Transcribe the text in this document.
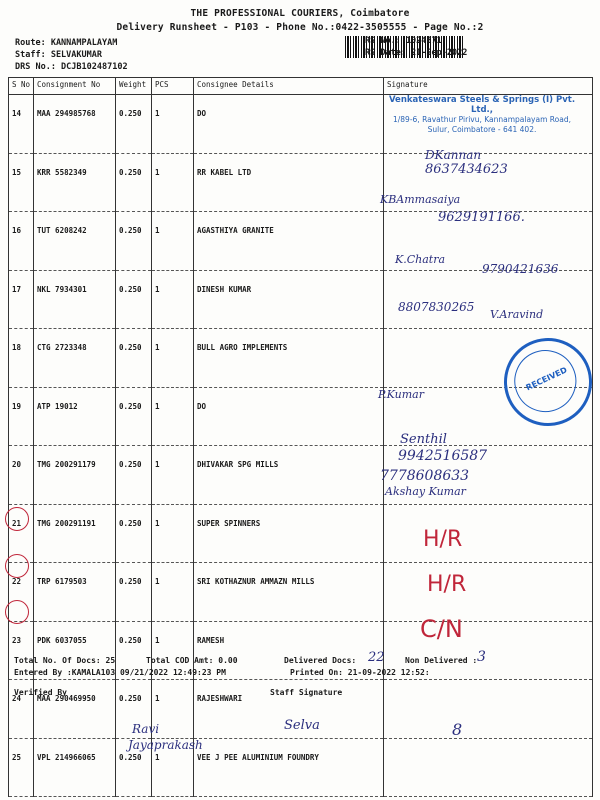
THE PROFESSIONAL COURIERS, Coimbatore
Delivery Runsheet - P103 - Phone No.:0422-3505555 - Page No.:2
Route: KANNAMPALAYAM
Staff: SELVAKUMAR
DRS No.: DCJB102487102
RS No.: 1024871
RS Date: 21-Sep-2022
S No	Consignment No	Weight	PCS	Consignee Details	Signature
14	MAA 294985768	0.250	1	DO	
15	KRR 5582349	0.250	1	RR KABEL LTD	
16	TUT 6208242	0.250	1	AGASTHIYA GRANITE	
17	NKL 7934301	0.250	1	DINESH KUMAR	
18	CTG 2723348	0.250	1	BULL AGRO IMPLEMENTS	
19	ATP 19012	0.250	1	DO	
20	TMG 200291179	0.250	1	DHIVAKAR SPG MILLS	
21	TMG 200291191	0.250	1	SUPER SPINNERS	
22	TRP 6179503	0.250	1	SRI KOTHAZNUR AMMAZN MILLS	
23	PDK 6037055	0.250	1	RAMESH	
24	MAA 290469950	0.250	1	RAJESHWARI	
25	VPL 214966065	0.250	1	VEE J PEE ALUMINIUM FOUNDRY	
Venkateswara Steels & Springs (I) Pvt. Ltd.,
1/89-6, Ravathur Pirivu, Kannampalayam Road,
Sulur, Coimbatore - 641 402.
RECEIVED
DKannan
8637434623
KBAmmasaiya
9629191166.
K.Chatra
9790421636
8807830265
V.Aravind
P.Kumar
Senthil
9942516587
7778608633
Akshay Kumar
H/R
H/R
C/N
Total No. Of Docs: 25	Total COD Amt: 0.00	Delivered Docs: 22	Non Delivered : 3
Entered By :KAMALA103 09/21/2022 12:49:23 PM	Printed On: 21-09-2022 12:52:
Verified By	Staff Signature
Ravi
Jayaprakash
Selva	8
